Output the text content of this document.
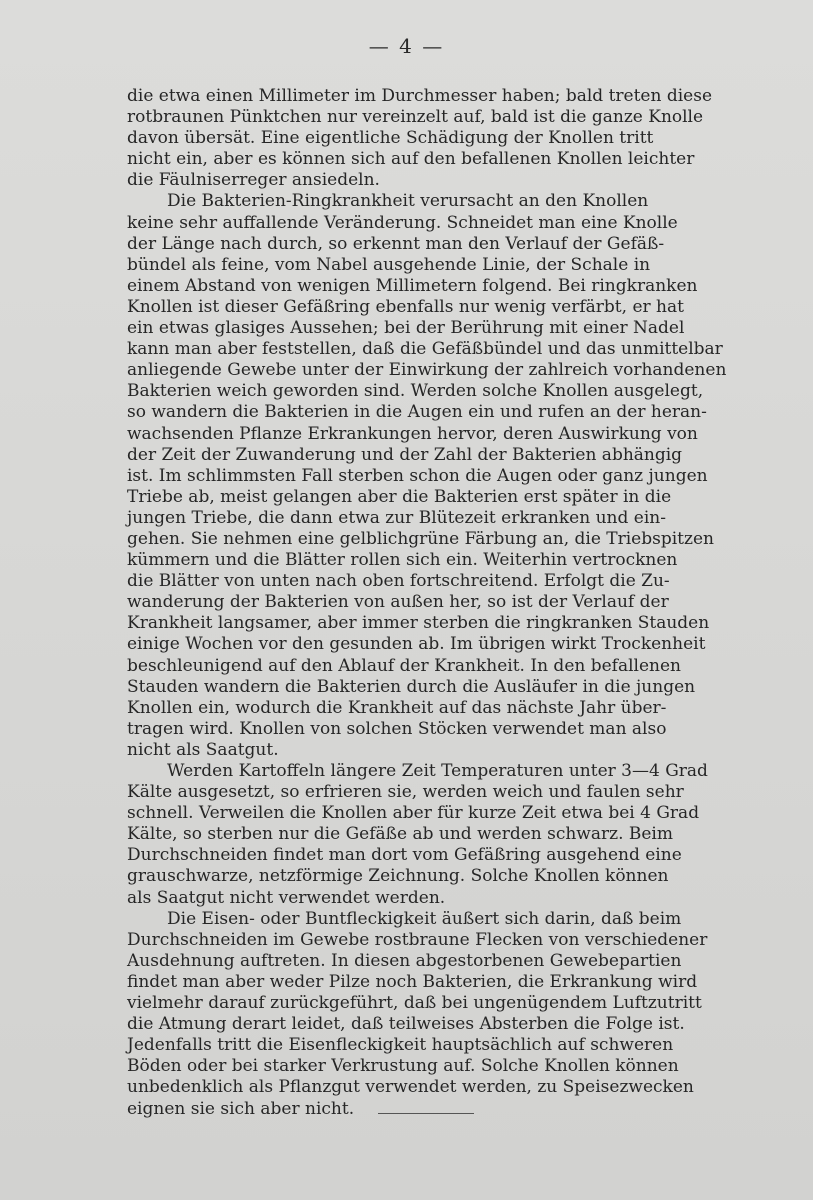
— 4 —
die etwa einen Millimeter im Durchmesser haben; bald treten diese
rotbraunen Pünktchen nur vereinzelt auf, bald ist die ganze Knolle
davon übersät. Eine eigentliche Schädigung der Knollen tritt
nicht ein, aber es können sich auf den befallenen Knollen leichter
die Fäulniserreger ansiedeln.
Die Bakterien-Ringkrankheit verursacht an den Knollen
keine sehr auffallende Veränderung. Schneidet man eine Knolle
der Länge nach durch, so erkennt man den Verlauf der Gefäß-
bündel als feine, vom Nabel ausgehende Linie, der Schale in
einem Abstand von wenigen Millimetern folgend. Bei ringkranken
Knollen ist dieser Gefäßring ebenfalls nur wenig verfärbt, er hat
ein etwas glasiges Aussehen; bei der Berührung mit einer Nadel
kann man aber feststellen, daß die Gefäßbündel und das unmittelbar
anliegende Gewebe unter der Einwirkung der zahlreich vorhandenen
Bakterien weich geworden sind. Werden solche Knollen ausgelegt,
so wandern die Bakterien in die Augen ein und rufen an der heran-
wachsenden Pflanze Erkrankungen hervor, deren Auswirkung von
der Zeit der Zuwanderung und der Zahl der Bakterien abhängig
ist. Im schlimmsten Fall sterben schon die Augen oder ganz jungen
Triebe ab, meist gelangen aber die Bakterien erst später in die
jungen Triebe, die dann etwa zur Blütezeit erkranken und ein-
gehen. Sie nehmen eine gelblichgrüne Färbung an, die Triebspitzen
kümmern und die Blätter rollen sich ein. Weiterhin vertrocknen
die Blätter von unten nach oben fortschreitend. Erfolgt die Zu-
wanderung der Bakterien von außen her, so ist der Verlauf der
Krankheit langsamer, aber immer sterben die ringkranken Stauden
einige Wochen vor den gesunden ab. Im übrigen wirkt Trockenheit
beschleunigend auf den Ablauf der Krankheit. In den befallenen
Stauden wandern die Bakterien durch die Ausläufer in die jungen
Knollen ein, wodurch die Krankheit auf das nächste Jahr über-
tragen wird. Knollen von solchen Stöcken verwendet man also
nicht als Saatgut.
Werden Kartoffeln längere Zeit Temperaturen unter 3—4 Grad
Kälte ausgesetzt, so erfrieren sie, werden weich und faulen sehr
schnell. Verweilen die Knollen aber für kurze Zeit etwa bei 4 Grad
Kälte, so sterben nur die Gefäße ab und werden schwarz. Beim
Durchschneiden findet man dort vom Gefäßring ausgehend eine
grauschwarze, netzförmige Zeichnung. Solche Knollen können
als Saatgut nicht verwendet werden.
Die Eisen- oder Buntfleckigkeit äußert sich darin, daß beim
Durchschneiden im Gewebe rostbraune Flecken von verschiedener
Ausdehnung auftreten. In diesen abgestorbenen Gewebepartien
findet man aber weder Pilze noch Bakterien, die Erkrankung wird
vielmehr darauf zurückgeführt, daß bei ungenügendem Luftzutritt
die Atmung derart leidet, daß teilweises Absterben die Folge ist.
Jedenfalls tritt die Eisenfleckigkeit hauptsächlich auf schweren
Böden oder bei starker Verkrustung auf. Solche Knollen können
unbedenklich als Pflanzgut verwendet werden, zu Speisezwecken
eignen sie sich aber nicht.
